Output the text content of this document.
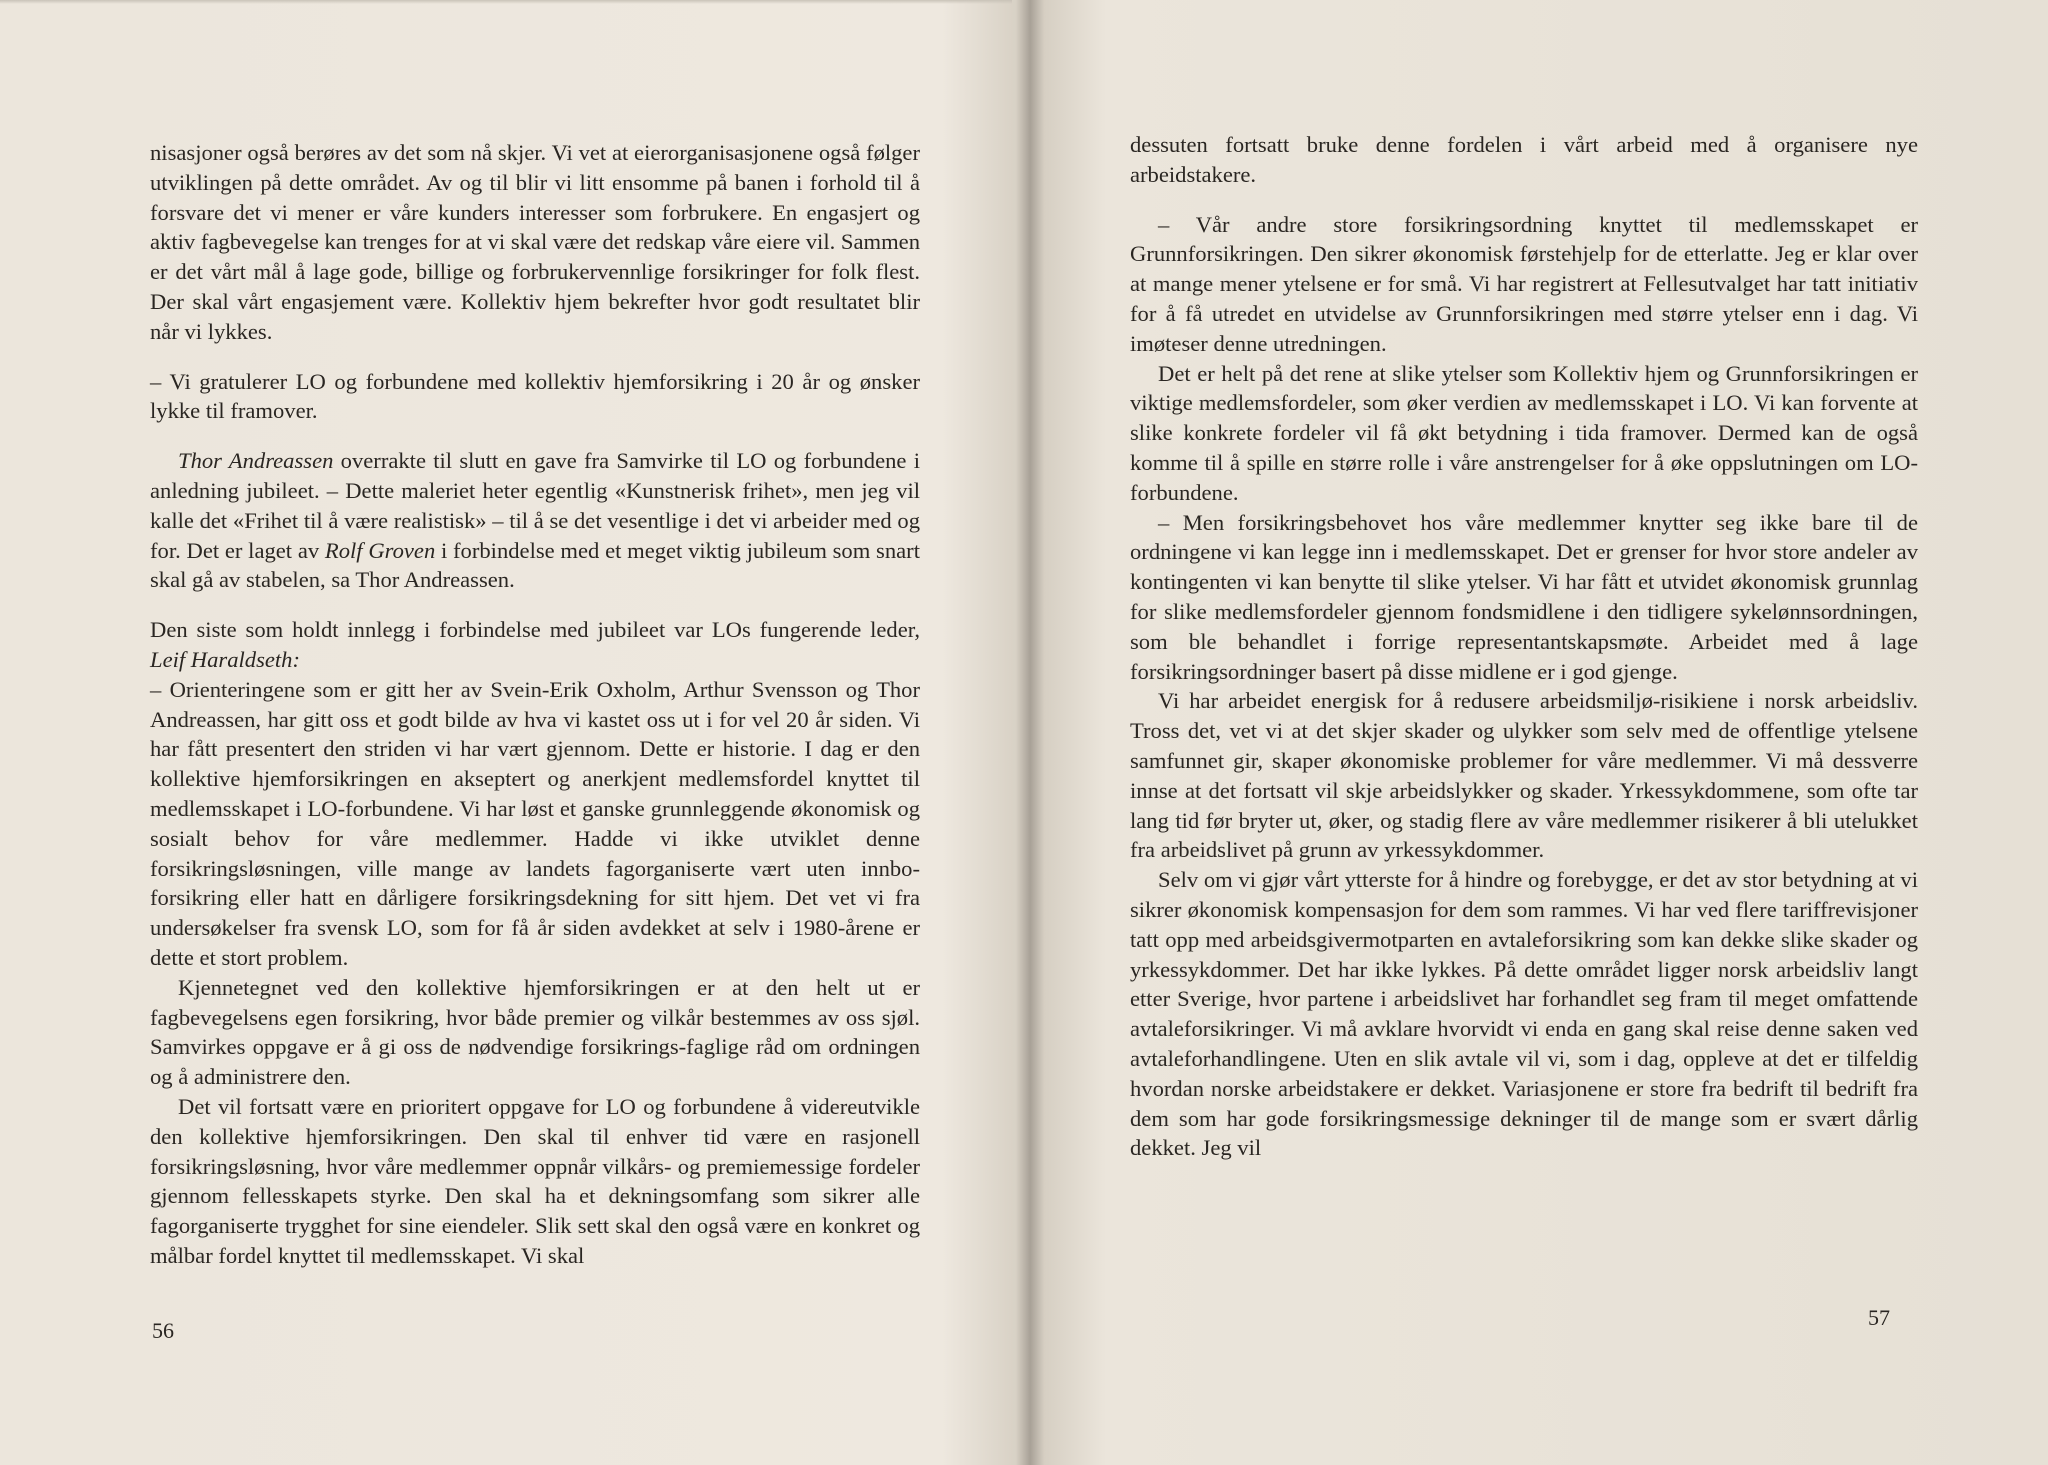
nisasjoner også berøres av det som nå skjer. Vi vet at eierorganisasjonene også følger utviklingen på dette området. Av og til blir vi litt ensomme på banen i forhold til å forsvare det vi mener er våre kunders interesser som forbrukere. En engasjert og aktiv fagbevegelse kan trenges for at vi skal være det redskap våre eiere vil. Sammen er det vårt mål å lage gode, billige og forbrukervennlige forsikringer for folk flest. Der skal vårt engasjement være. Kollektiv hjem bekrefter hvor godt resultatet blir når vi lykkes.

– Vi gratulerer LO og forbundene med kollektiv hjemforsikring i 20 år og ønsker lykke til framover.

Thor Andreassen overrakte til slutt en gave fra Samvirke til LO og forbundene i anledning jubileet. – Dette maleriet heter egentlig «Kunstnerisk frihet», men jeg vil kalle det «Frihet til å være realistisk» – til å se det vesentlige i det vi arbeider med og for. Det er laget av Rolf Groven i forbindelse med et meget viktig jubileum som snart skal gå av stabelen, sa Thor Andreassen.

Den siste som holdt innlegg i forbindelse med jubileet var LOs fungerende leder, Leif Haraldseth:

– Orienteringene som er gitt her av Svein-Erik Oxholm, Arthur Svensson og Thor Andreassen, har gitt oss et godt bilde av hva vi kastet oss ut i for vel 20 år siden. Vi har fått presentert den striden vi har vært gjennom. Dette er historie. I dag er den kollektive hjemforsikringen en akseptert og anerkjent medlemsfordel knyttet til medlemsskapet i LO-forbundene. Vi har løst et ganske grunnleggende økonomisk og sosialt behov for våre medlemmer. Hadde vi ikke utviklet denne forsikringsløsningen, ville mange av landets fagorganiserte vært uten innbo-forsikring eller hatt en dårligere forsikringsdekning for sitt hjem. Det vet vi fra undersøkelser fra svensk LO, som for få år siden avdekket at selv i 1980-årene er dette et stort problem.

Kjennetegnet ved den kollektive hjemforsikringen er at den helt ut er fagbevegelsens egen forsikring, hvor både premier og vilkår bestemmes av oss sjøl. Samvirkes oppgave er å gi oss de nødvendige forsikrings-faglige råd om ordningen og å administrere den.

Det vil fortsatt være en prioritert oppgave for LO og forbundene å videreutvikle den kollektive hjemforsikringen. Den skal til enhver tid være en rasjonell forsikringsløsning, hvor våre medlemmer oppnår vilkårs- og premiemessige fordeler gjennom fellesskapets styrke. Den skal ha et dekningsomfang som sikrer alle fagorganiserte trygghet for sine eiendeler. Slik sett skal den også være en konkret og målbar fordel knyttet til medlemsskapet. Vi skal

56

dessuten fortsatt bruke denne fordelen i vårt arbeid med å organisere nye arbeidstakere.

– Vår andre store forsikringsordning knyttet til medlemsskapet er Grunnforsikringen. Den sikrer økonomisk førstehjelp for de etterlatte. Jeg er klar over at mange mener ytelsene er for små. Vi har registrert at Fellesutvalget har tatt initiativ for å få utredet en utvidelse av Grunnforsikringen med større ytelser enn i dag. Vi imøteser denne utredningen.

Det er helt på det rene at slike ytelser som Kollektiv hjem og Grunnforsikringen er viktige medlemsfordeler, som øker verdien av medlemsskapet i LO. Vi kan forvente at slike konkrete fordeler vil få økt betydning i tida framover. Dermed kan de også komme til å spille en større rolle i våre anstrengelser for å øke oppslutningen om LO-forbundene.

– Men forsikringsbehovet hos våre medlemmer knytter seg ikke bare til de ordningene vi kan legge inn i medlemsskapet. Det er grenser for hvor store andeler av kontingenten vi kan benytte til slike ytelser. Vi har fått et utvidet økonomisk grunnlag for slike medlemsfordeler gjennom fondsmidlene i den tidligere sykelønnsordningen, som ble behandlet i forrige representantskapsmøte. Arbeidet med å lage forsikringsordninger basert på disse midlene er i god gjenge.

Vi har arbeidet energisk for å redusere arbeidsmiljø-risikiene i norsk arbeidsliv. Tross det, vet vi at det skjer skader og ulykker som selv med de offentlige ytelsene samfunnet gir, skaper økonomiske problemer for våre medlemmer. Vi må dessverre innse at det fortsatt vil skje arbeidslykker og skader. Yrkessykdommene, som ofte tar lang tid før bryter ut, øker, og stadig flere av våre medlemmer risikerer å bli utelukket fra arbeidslivet på grunn av yrkessykdommer.

Selv om vi gjør vårt ytterste for å hindre og forebygge, er det av stor betydning at vi sikrer økonomisk kompensasjon for dem som rammes. Vi har ved flere tariffrevisjoner tatt opp med arbeidsgivermotparten en avtaleforsikring som kan dekke slike skader og yrkessykdommer. Det har ikke lykkes. På dette området ligger norsk arbeidsliv langt etter Sverige, hvor partene i arbeidslivet har forhandlet seg fram til meget omfattende avtaleforsikringer. Vi må avklare hvorvidt vi enda en gang skal reise denne saken ved avtaleforhandlingene. Uten en slik avtale vil vi, som i dag, oppleve at det er tilfeldig hvordan norske arbeidstakere er dekket. Variasjonene er store fra bedrift til bedrift fra dem som har gode forsikringsmessige dekninger til de mange som er svært dårlig dekket. Jeg vil

57
